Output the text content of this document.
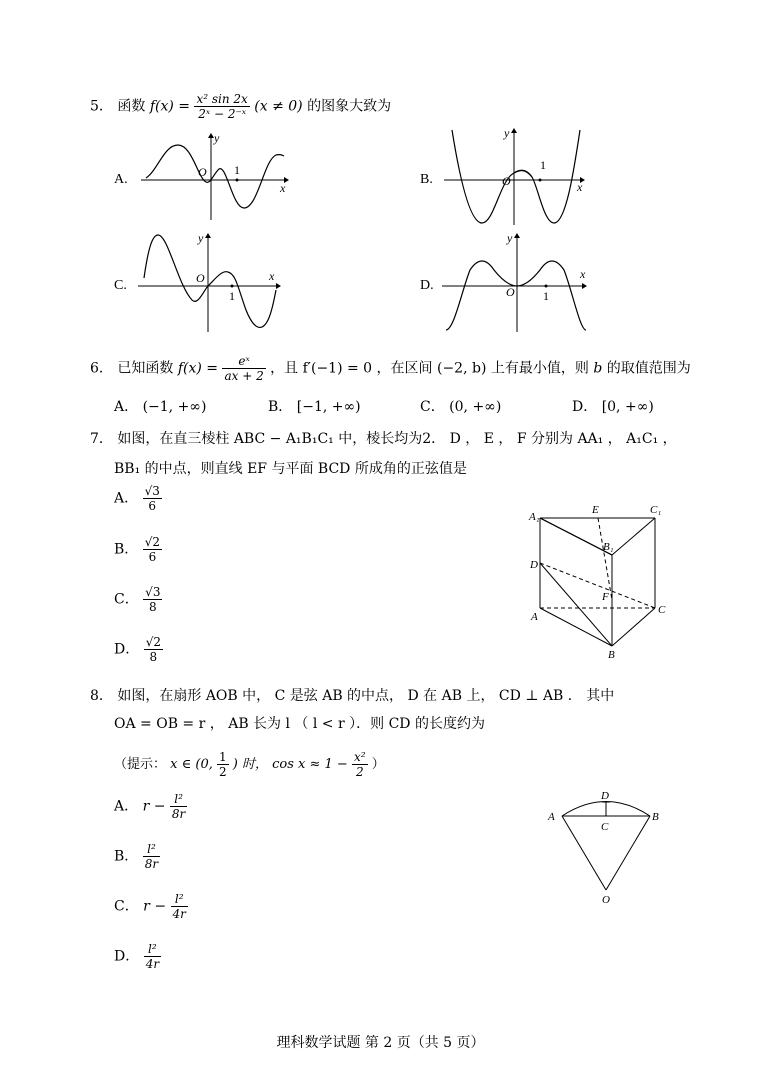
5． 函数 $f(x) = \frac{\text{x² sin 2x}}{\text{2ˣ − 2⁻ˣ}} (x \ne 0)$ 的图象大致为
A.	B.
C.	D.
1
O
x
y
1
O	x
y
1
O	x
y
1
O
x
y
6． 已知函数 $f(x) = \frac{\text{eˣ}}{ax + 2}$ ，且 f′(−1) = 0 ，在区间 (−2, b) 上有最小值，则 b 的取值范围为
A． (−1, +∞)	B． [−1, +∞)	C． (0, +∞)	D． [0, +∞)
7． 如图，在直三棱柱 ABC − A₁B₁C₁ 中，棱长均为2． D ， E ， F 分别为 AA₁ ， A₁C₁ ，
BB₁ 的中点，则直线 EF 与平面 BCD 所成角的正弦值是
A． $\frac{√3}{6}$
B． $\frac{√2}{6}$
C． $\frac{√3}{8}$
D． $\frac{√2}{8}$
A₁
E	C₁
B₁
D
F
A
C
B
8． 如图，在扇形 AOB 中， C 是弦 AB 的中点， D 在 AB 上， CD ⊥ AB ． 其中
OA = OB = r ， AB 长为 l （ l < r ）．则 CD 的长度约为
（提示： x ∈ (0, $\frac{1}{2}$ ) 时， $\cos x \approx 1 - \frac{\text{x²}}{2}$ ）
A． $r - \frac{\text{l²}}{8r}$
B． $\frac{\text{l²}}{8r}$
C． $r - \frac{\text{l²}}{4r}$
D． $\frac{\text{l²}}{4r}$
A	B
C
D
O
理科数学试题 第 2 页（共 5 页）
